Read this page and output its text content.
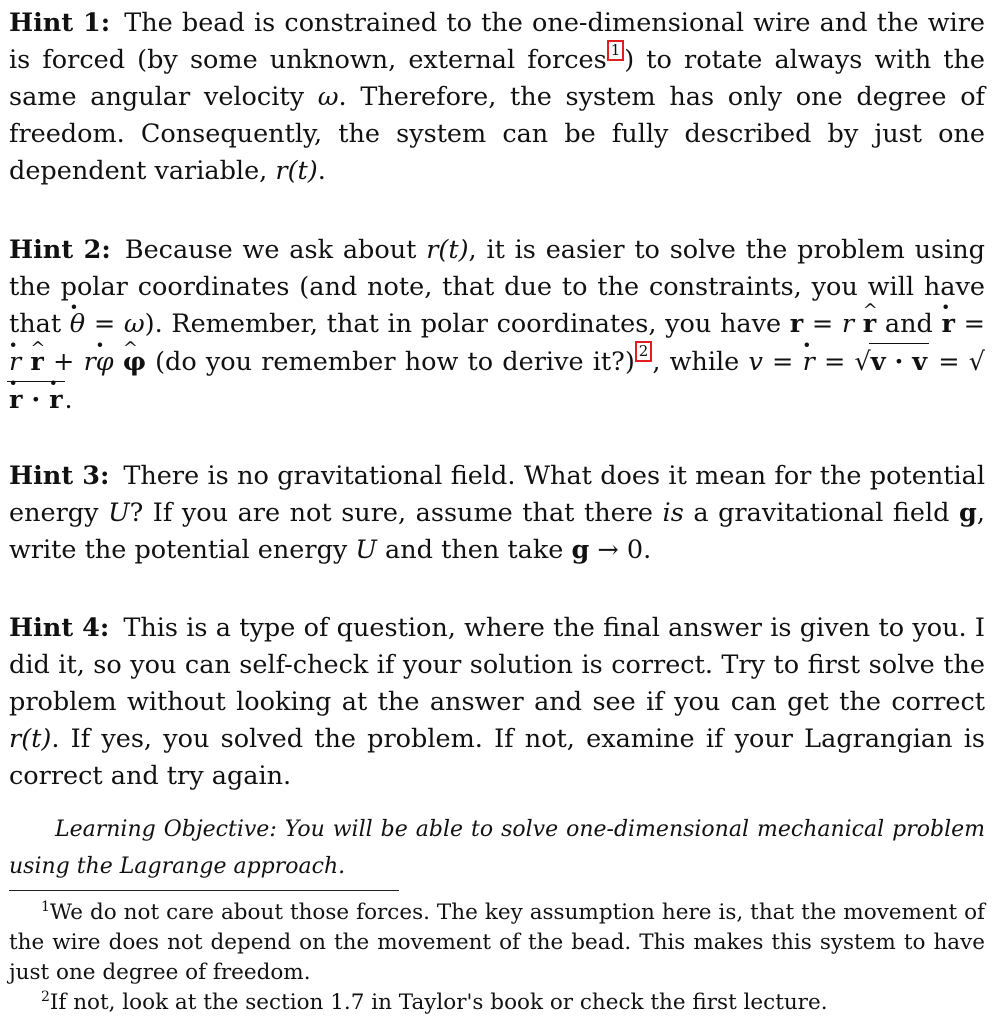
Hint 1: The bead is constrained to the one-dimensional wire and the wire is forced (by some unknown, external forces 1 ) to rotate always with the same angular velocity ω. Therefore, the system has only one degree of freedom. Consequently, the system can be fully described by just one dependent variable, r(t).
Hint 2: Because we ask about r(t), it is easier to solve the problem using the polar coordinates (and note, that due to the constraints, you will have that θ · = ω). Remember, that in polar coordinates, you have r = r r ^ and r · = r · r ^ + rφ · φ ^ (do you remember how to derive it?) 2 , while v = r · = √v · v = √r · · r ·.
Hint 3: There is no gravitational field. What does it mean for the potential energy U? If you are not sure, assume that there is a gravitational field g, write the potential energy U and then take g → 0.
Hint 4: This is a type of question, where the final answer is given to you. I did it, so you can self-check if your solution is correct. Try to first solve the problem without looking at the answer and see if you can get the correct r(t). If yes, you solved the problem. If not, examine if your Lagrangian is correct and try again.
Learning Objective: You will be able to solve one-dimensional mechanical problem using the Lagrange approach.
$^1$We do not care about those forces. The key assumption here is, that the movement of the wire does not depend on the movement of the bead. This makes this system to have just one degree of freedom.
$^2$If not, look at the section 1.7 in Taylor's book or check the first lecture.
